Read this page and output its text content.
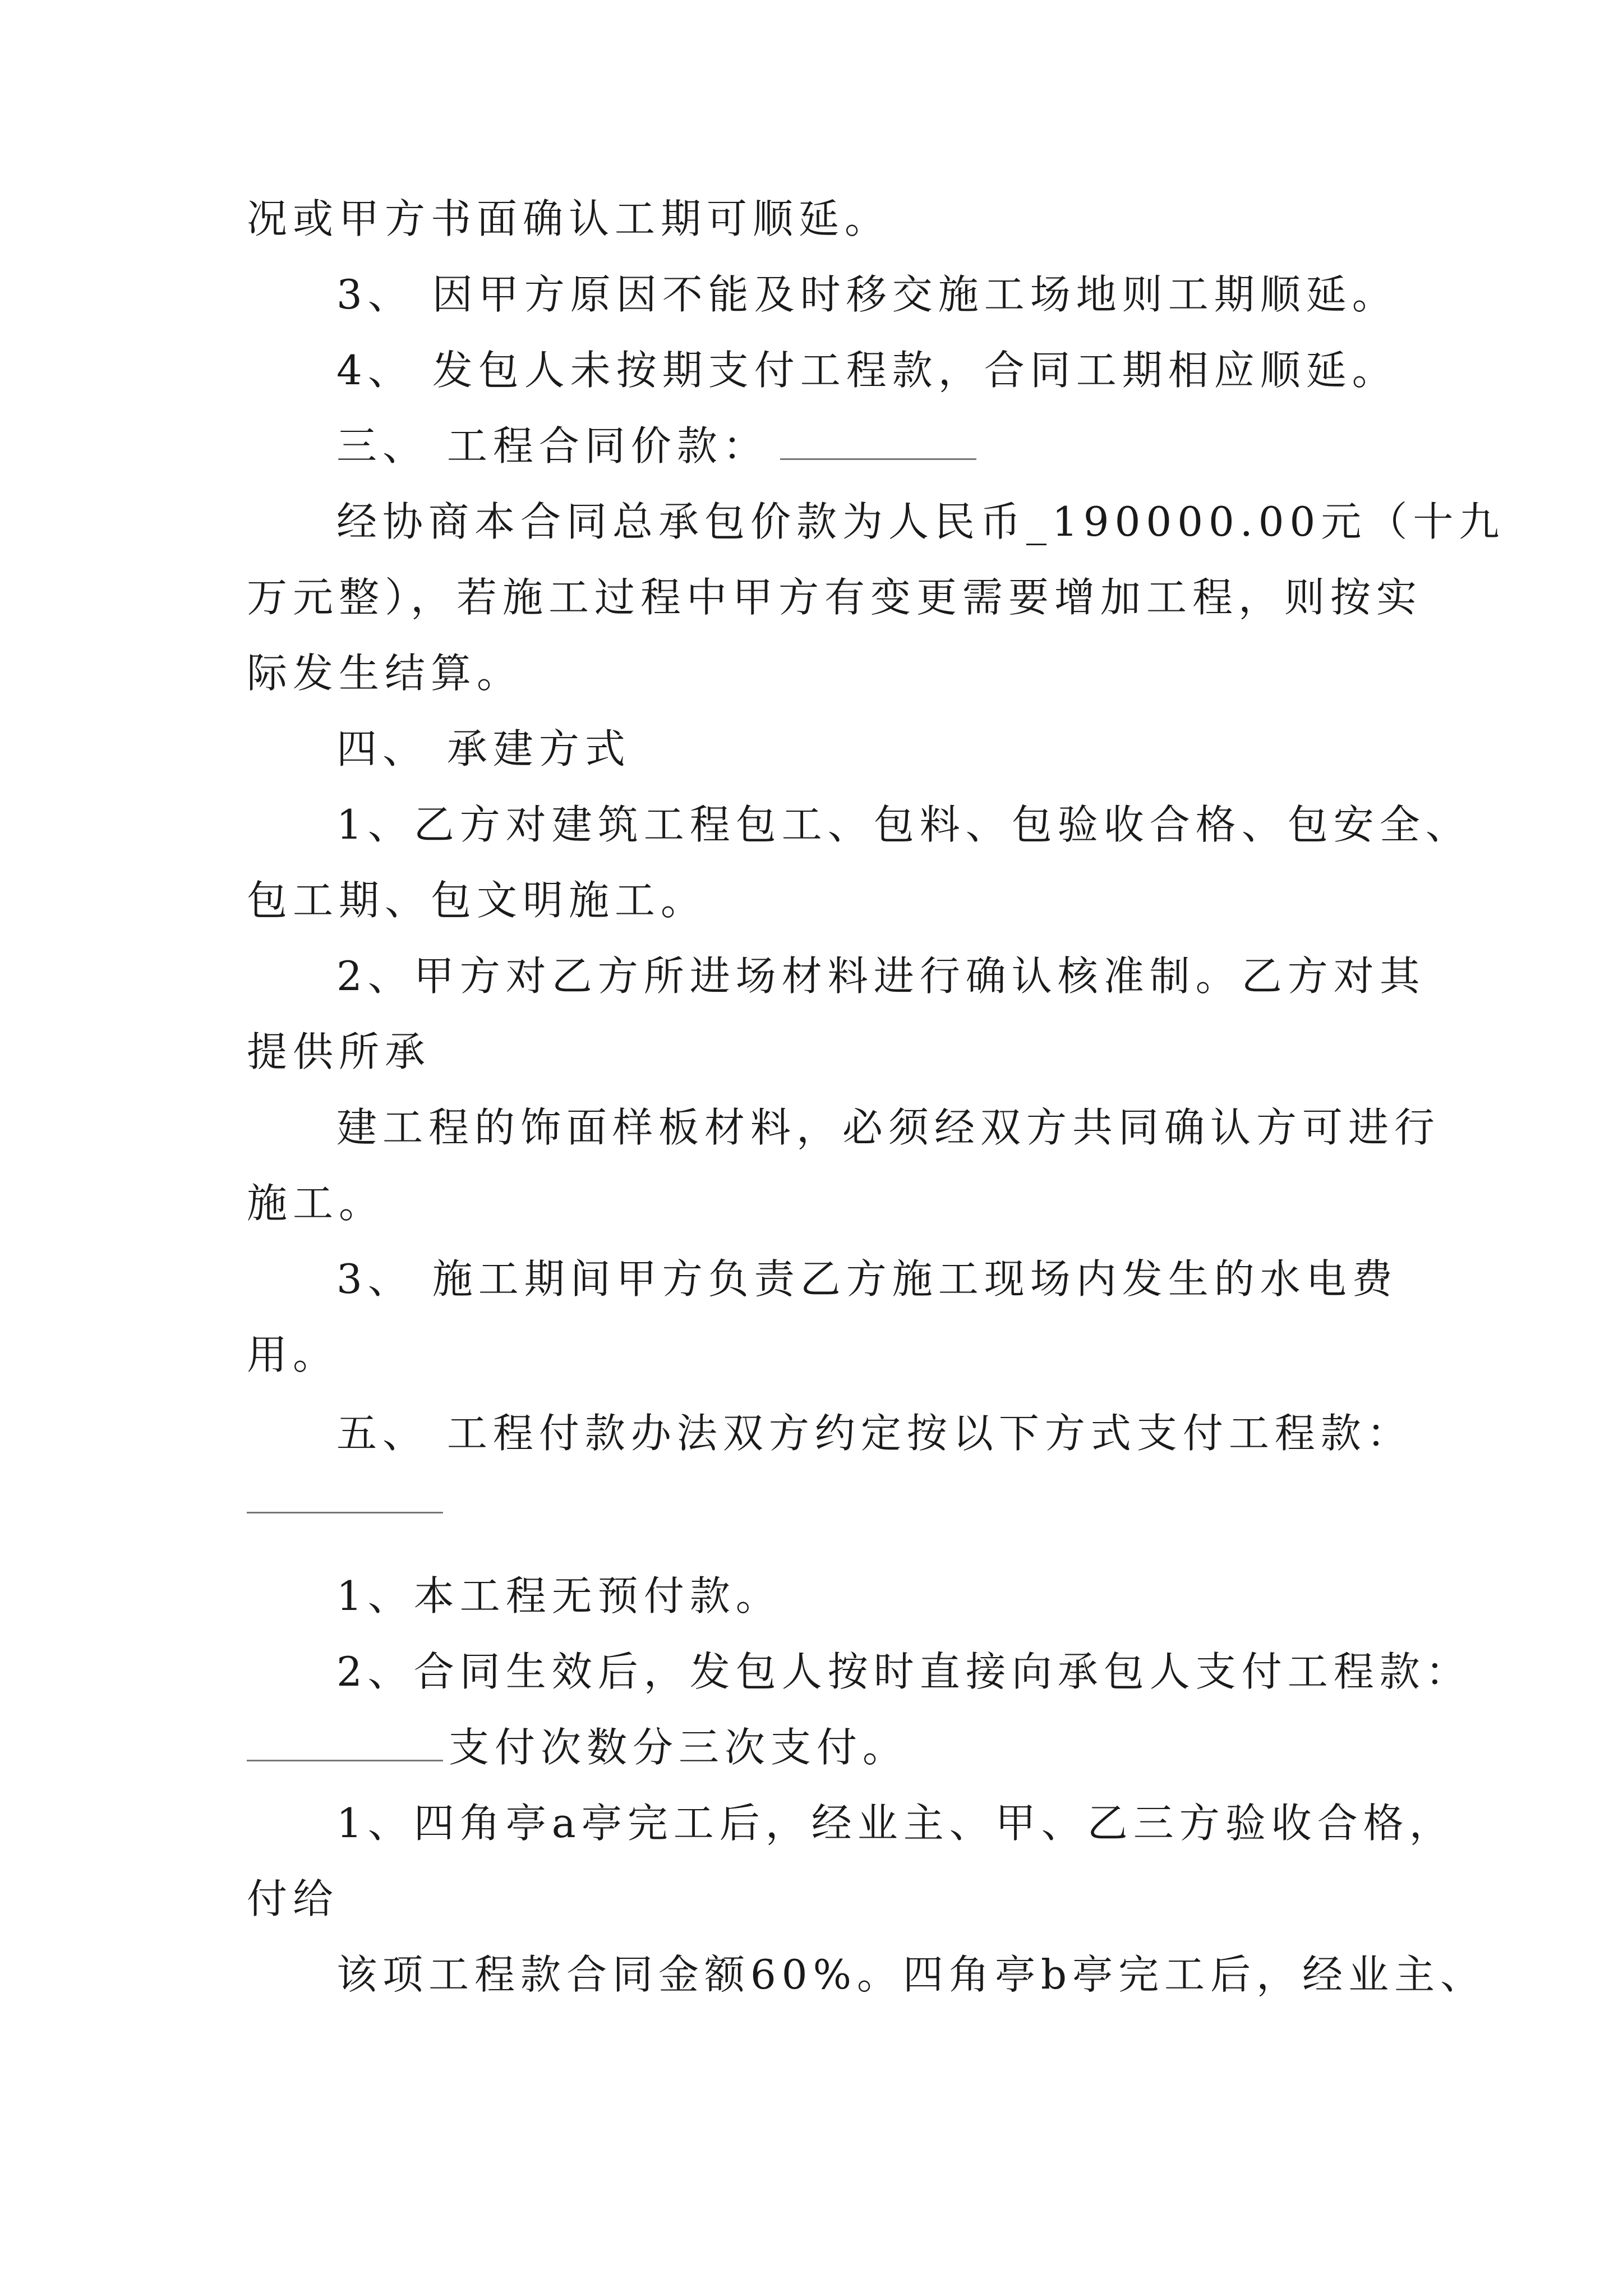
况或甲方书面确认工期可顺延。
3、 因甲方原因不能及时移交施工场地则工期顺延。
4、 发包人未按期支付工程款，合同工期相应顺延。
三、 工程合同价款：
经协商本合同总承包价款为人民币_190000.00元（十九
万元整），若施工过程中甲方有变更需要增加工程，则按实
际发生结算。
四、 承建方式
1、乙方对建筑工程包工、包料、包验收合格、包安全、
包工期、包文明施工。
2、甲方对乙方所进场材料进行确认核准制。乙方对其
提供所承
建工程的饰面样板材料，必须经双方共同确认方可进行
施工。
3、 施工期间甲方负责乙方施工现场内发生的水电费
用。
五、 工程付款办法双方约定按以下方式支付工程款：
1、本工程无预付款。
2、合同生效后，发包人按时直接向承包人支付工程款：
支付次数分三次支付。
1、四角亭a亭完工后，经业主、甲、乙三方验收合格，
付给
该项工程款合同金额60%。四角亭b亭完工后，经业主、
